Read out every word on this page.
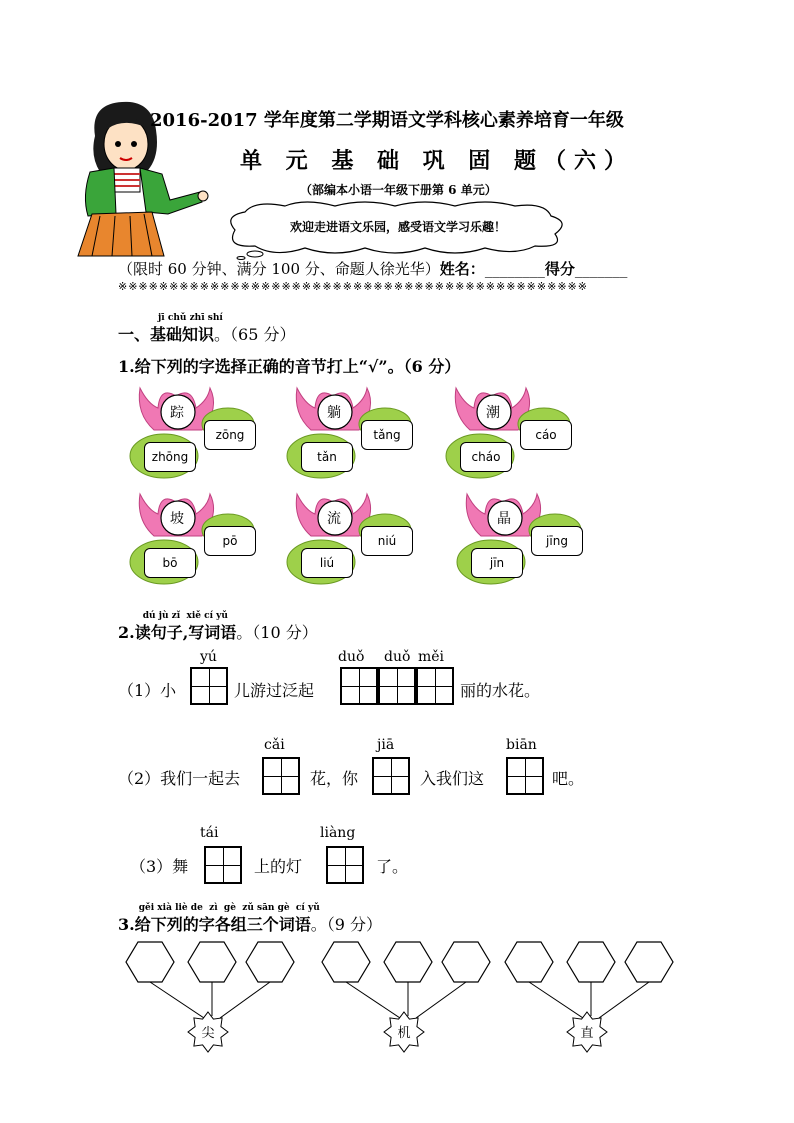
2016-2017 学年度第二学期语文学科核心素养培育一年级
单 元 基 础 巩 固 题（六）
（部编本小语一年级下册第 6 单元）
欢迎走进语文乐园，感受语文学习乐趣！
（限时 60 分钟、满分 100 分、命题人徐光华）姓名：________得分_______
※※※※※※※※※※※※※※※※※※※※※※※※※※※※※※※※※※※※※※※※※※※※※※
一、
jī chǔ zhī shí
基础知识。（65 分）
1.给下列的字选择正确的音节打上“√”。（6 分）
踪
zōng
zhōng
躺
tǎng
tǎn
潮
cáo
cháo
坡
pō
bō
流
niú
liú
晶
jīng
jīn
2.
dú jù zǐ xiě cí yǔ
读句子,写词语。（10 分）
（1）小
yú
儿游过泛起
duǒ duǒ měi
丽的水花。
（2）我们一起去
cǎi
花，你
jiā
入我们这
biān
吧。
（3）舞
tái
上的灯
liàng
了。
3.
gěi xià liè de zì gè zǔ sān gè cí yǔ
给下列的字各组三个词语。（9 分）
尖	机	直
